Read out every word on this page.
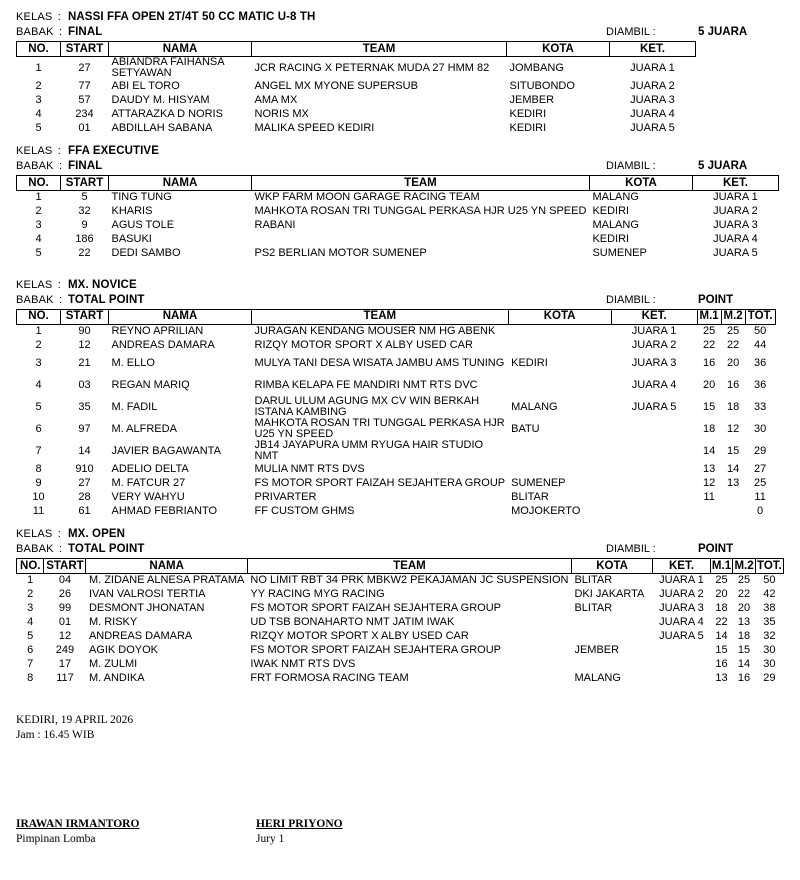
KELAS : NASSI FFA OPEN 2T/4T 50 CC MATIC U-8 TH
BABAK : FINAL	DIAMBIL :	5 JUARA
NO.	START	NAMA	TEAM	KOTA	KET.
1	27	ABIANDRA FAIHANSA SETYAWAN	JCR RACING X PETERNAK MUDA 27 HMM 82	JOMBANG	JUARA 1
2	77	ABI EL TORO	ANGEL MX MYONE SUPERSUB	SITUBONDO	JUARA 2
3	57	DAUDY M. HISYAM	AMA MX	JEMBER	JUARA 3
4	234	ATTARAZKA D NORIS	NORIS MX	KEDIRI	JUARA 4
5	01	ABDILLAH SABANA	MALIKA SPEED KEDIRI	KEDIRI	JUARA 5
KELAS : FFA EXECUTIVE
BABAK : FINAL	DIAMBIL :	5 JUARA
NO.	START	NAMA	TEAM	KOTA	KET.
1	5	TING TUNG	WKP FARM MOON GARAGE RACING TEAM	MALANG	JUARA 1
2	32	KHARIS	MAHKOTA ROSAN TRI TUNGGAL PERKASA HJR U25 YN SPEED	KEDIRI	JUARA 2
3	9	AGUS TOLE	RABANI	MALANG	JUARA 3
4	186	BASUKI		KEDIRI	JUARA 4
5	22	DEDI SAMBO	PS2 BERLIAN MOTOR SUMENEP	SUMENEP	JUARA 5
KELAS : MX. NOVICE
BABAK : TOTAL POINT	DIAMBIL :	POINT
NO.	START	NAMA	TEAM	KOTA	KET.	M.1	M.2	TOT.
1	90	REYNO APRILIAN	JURAGAN KENDANG MOUSER NM HG ABENK		JUARA 1	25	25	50
2	12	ANDREAS DAMARA	RIZQY MOTOR SPORT X ALBY USED CAR		JUARA 2	22	22	44
3	21	M. ELLO	MULYA TANI DESA WISATA JAMBU AMS TUNING	KEDIRI	JUARA 3	16	20	36
4	03	REGAN MARIQ	RIMBA KELAPA FE MANDIRI NMT RTS DVC		JUARA 4	20	16	36
5	35	M. FADIL	DARUL ULUM AGUNG MX CV WIN BERKAH ISTANA KAMBING	MALANG	JUARA 5	15	18	33
6	97	M. ALFREDA	MAHKOTA ROSAN TRI TUNGGAL PERKASA HJR U25 YN SPEED	BATU		18	12	30
7	14	JAVIER BAGAWANTA	JB14 JAYAPURA UMM RYUGA HAIR STUDIO NMT			14	15	29
8	910	ADELIO DELTA	MULIA NMT RTS DVS			13	14	27
9	27	M. FATCUR 27	FS MOTOR SPORT FAIZAH SEJAHTERA GROUP	SUMENEP		12	13	25
10	28	VERY WAHYU	PRIVARTER	BLITAR		11		11
11	61	AHMAD FEBRIANTO	FF CUSTOM GHMS	MOJOKERTO				0
KELAS : MX. OPEN
BABAK : TOTAL POINT	DIAMBIL :	POINT
NO.	START	NAMA	TEAM	KOTA	KET.	M.1	M.2	TOT.
1	04	M. ZIDANE ALNESA PRATAMA	NO LIMIT RBT 34 PRK MBKW2 PEKAJAMAN JC SUSPENSION	BLITAR	JUARA 1	25	25	50
2	26	IVAN VALROSI TERTIA	YY RACING MYG RACING	DKI JAKARTA	JUARA 2	20	22	42
3	99	DESMONT JHONATAN	FS MOTOR SPORT FAIZAH SEJAHTERA GROUP	BLITAR	JUARA 3	18	20	38
4	01	M. RISKY	UD TSB BONAHARTO NMT JATIM IWAK		JUARA 4	22	13	35
5	12	ANDREAS DAMARA	RIZQY MOTOR SPORT X ALBY USED CAR		JUARA 5	14	18	32
6	249	AGIK DOYOK	FS MOTOR SPORT FAIZAH SEJAHTERA GROUP	JEMBER		15	15	30
7	17	M. ZULMI	IWAK NMT RTS DVS			16	14	30
8	117	M. ANDIKA	FRT FORMOSA RACING TEAM	MALANG		13	16	29
KEDIRI, 19 APRIL 2026
Jam : 16.45 WIB
IRAWAN IRMANTORO
Pimpinan Lomba
HERI PRIYONO
Jury 1
